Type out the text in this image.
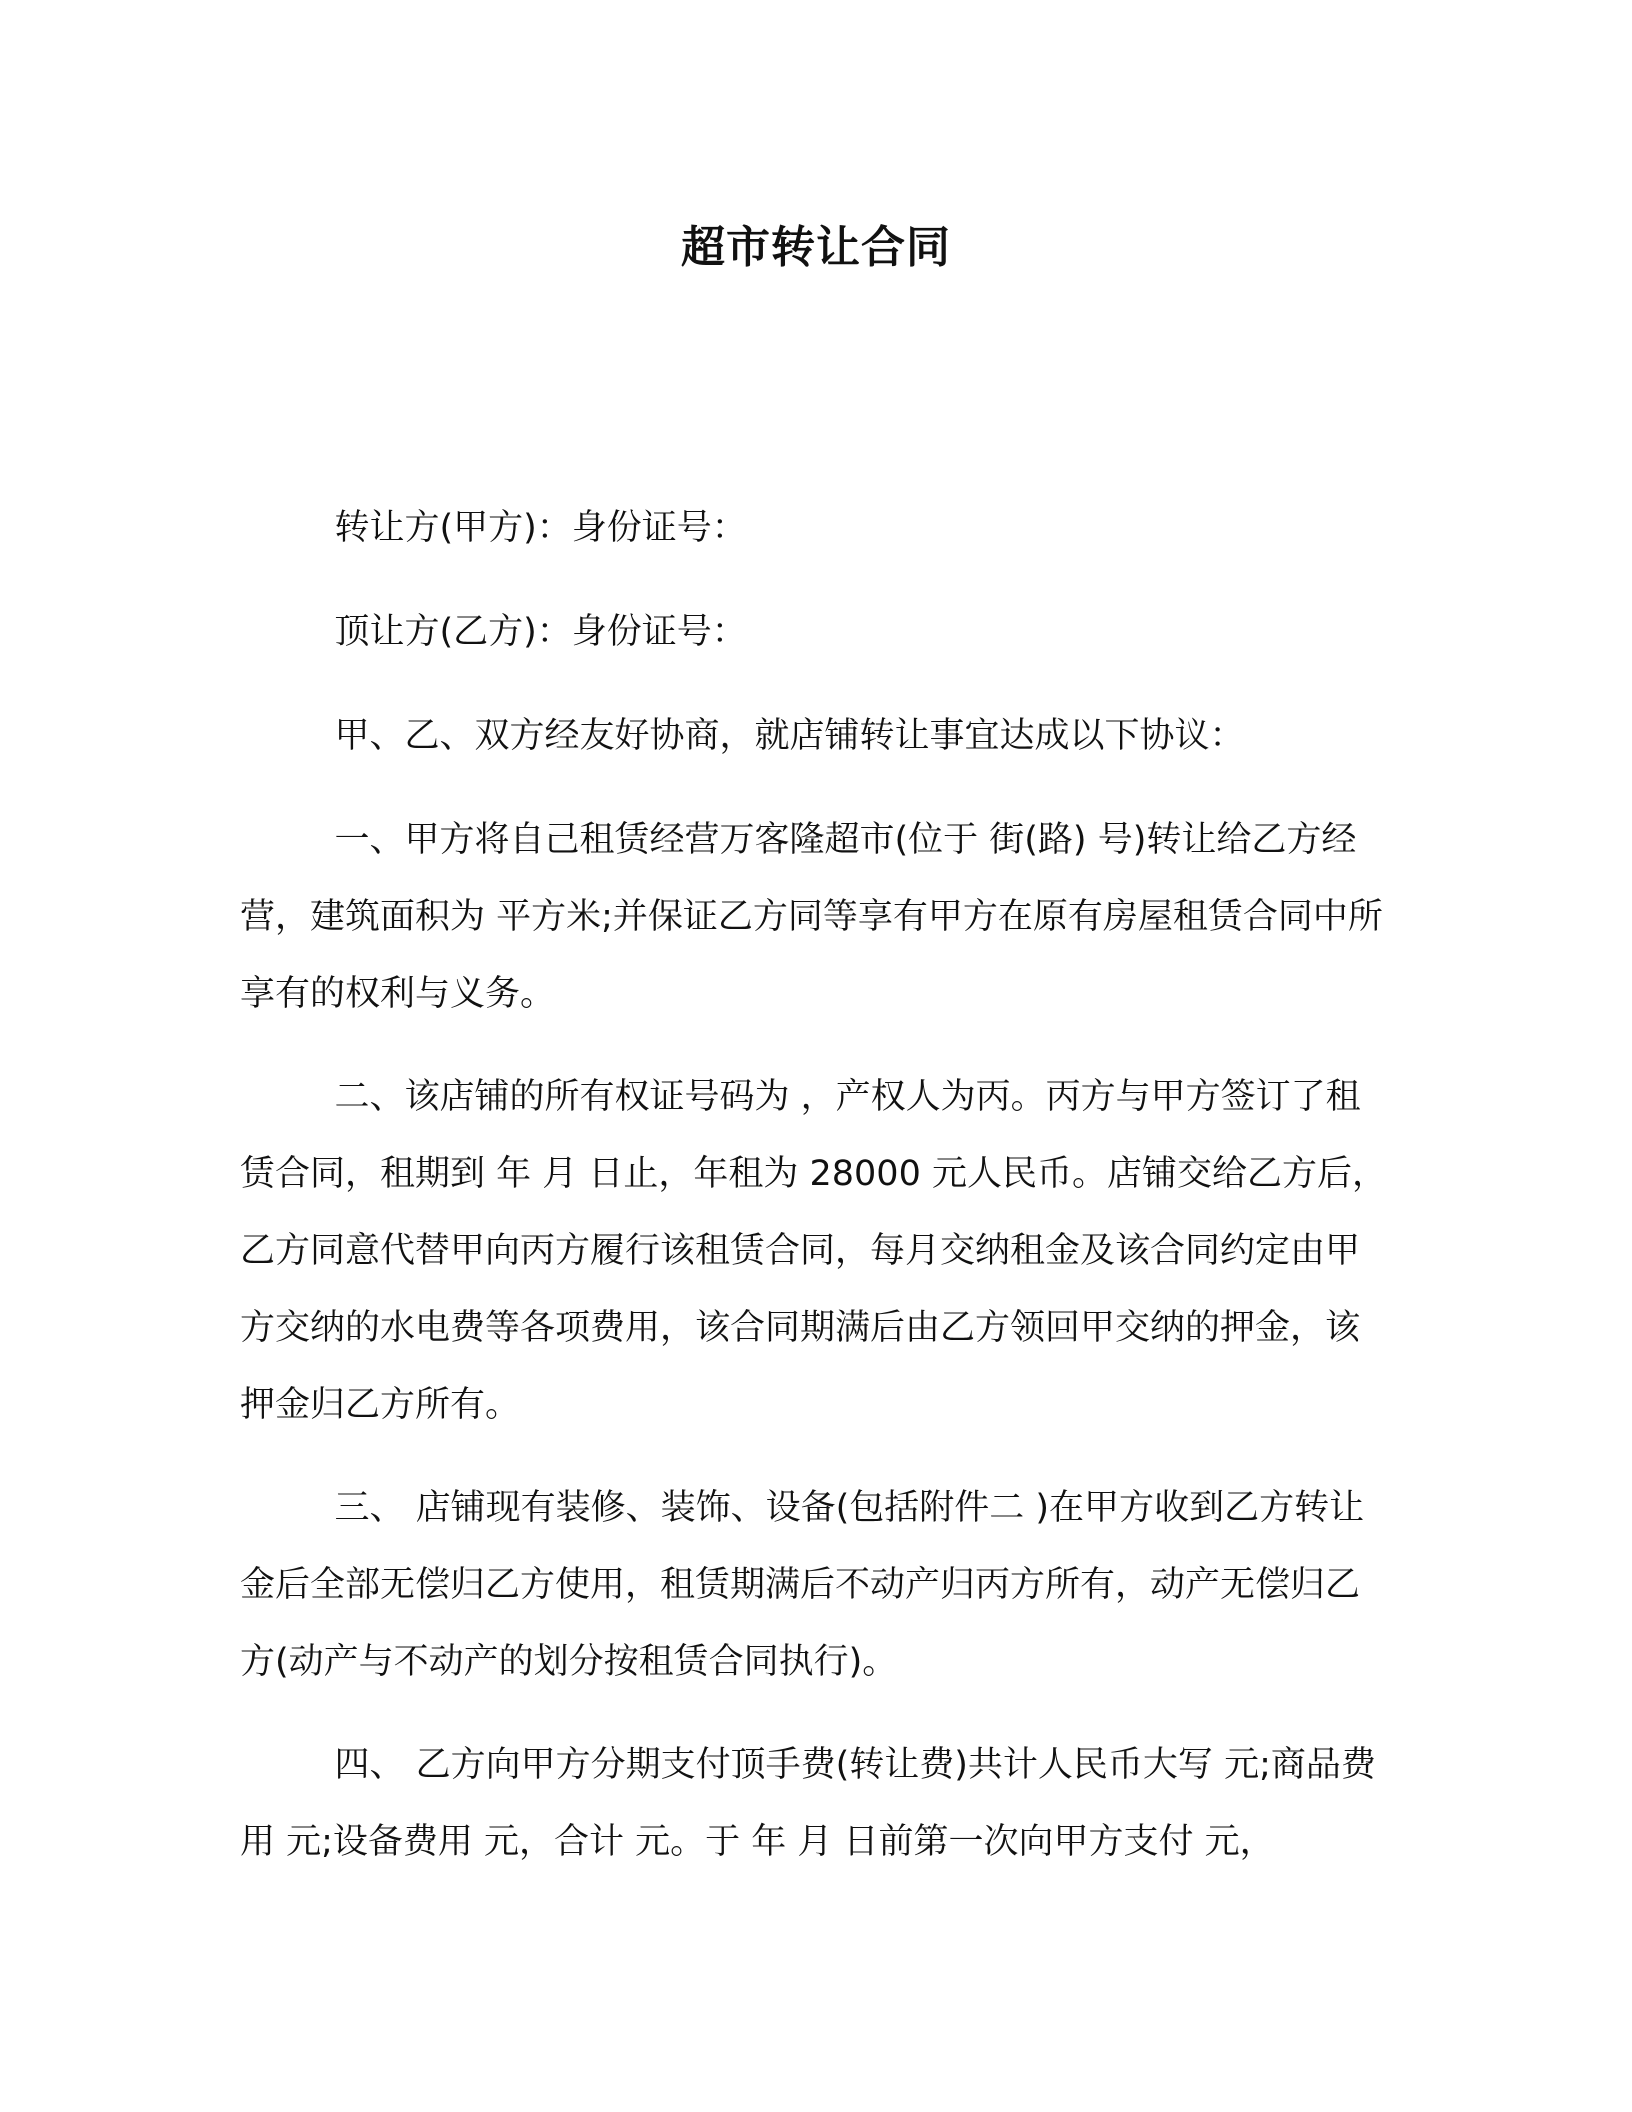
超市转让合同

转让方(甲方)：身份证号：

顶让方(乙方)：身份证号：

甲、乙、双方经友好协商，就店铺转让事宜达成以下协议：

一、甲方将自己租赁经营万客隆超市(位于 街(路) 号)转让给乙方经营，建筑面积为 平方米;并保证乙方同等享有甲方在原有房屋租赁合同中所享有的权利与义务。

二、该店铺的所有权证号码为 ，产权人为丙。丙方与甲方签订了租赁合同，租期到 年 月 日止，年租为 28000 元人民币。店铺交给乙方后，乙方同意代替甲向丙方履行该租赁合同，每月交纳租金及该合同约定由甲方交纳的水电费等各项费用，该合同期满后由乙方领回甲交纳的押金，该押金归乙方所有。

三、 店铺现有装修、装饰、设备(包括附件二 )在甲方收到乙方转让金后全部无偿归乙方使用，租赁期满后不动产归丙方所有，动产无偿归乙方(动产与不动产的划分按租赁合同执行)。

四、 乙方向甲方分期支付顶手费(转让费)共计人民币大写 元;商品费用 元;设备费用 元，合计 元。于 年 月 日前第一次向甲方支付 元，
